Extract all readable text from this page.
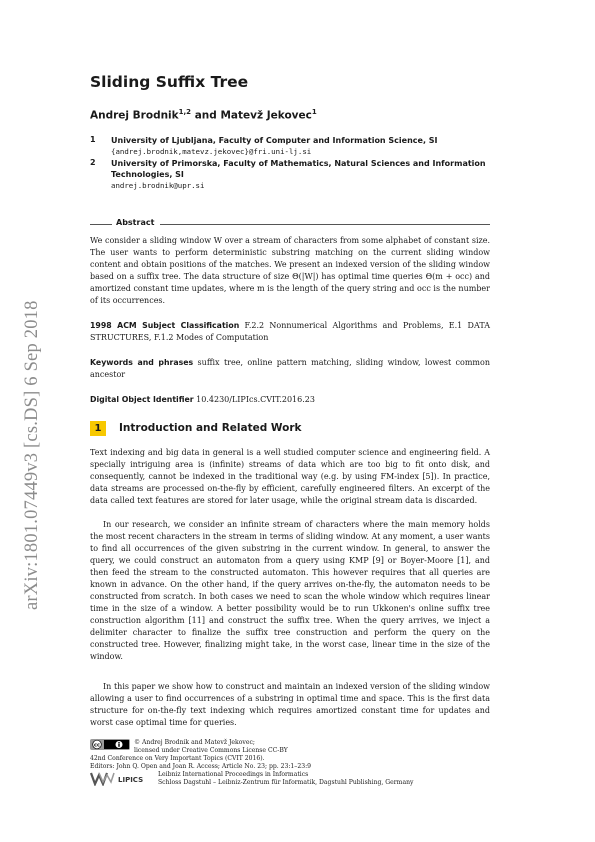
arXiv:1801.07449v3 [cs.DS] 6 Sep 2018
Sliding Suffix Tree
Andrej Brodnik$^{1,2}$ and Matevž Jekovec$^1$
1 University of Ljubljana, Faculty of Computer and Information Science, SI
{andrej.brodnik,matevz.jekovec}@fri.uni-lj.si
2 University of Primorska, Faculty of Mathematics, Natural Sciences and Information Technologies, SI
andrej.brodnik@upr.si
Abstract
We consider a sliding window W over a stream of characters from some alphabet of constant size. The user wants to perform deterministic substring matching on the current sliding window content and obtain positions of the matches. We present an indexed version of the sliding window based on a suffix tree. The data structure of size Θ(|W|) has optimal time queries Θ(m + occ) and amortized constant time updates, where m is the length of the query string and occ is the number of its occurrences.
1998 ACM Subject Classification F.2.2 Nonnumerical Algorithms and Problems, E.1 DATA STRUCTURES, F.1.2 Modes of Computation
Keywords and phrases suffix tree, online pattern matching, sliding window, lowest common ancestor
Digital Object Identifier 10.4230/LIPIcs.CVIT.2016.23
1	Introduction and Related Work
Text indexing and big data in general is a well studied computer science and engineering field. A specially intriguing area is (infinite) streams of data which are too big to fit onto disk, and consequently, cannot be indexed in the traditional way (e.g. by using FM-index [5]). In practice, data streams are processed on-the-fly by efficient, carefully engineered filters. An excerpt of the data called text features are stored for later usage, while the original stream data is discarded.
In our research, we consider an infinite stream of characters where the main memory holds the most recent characters in the stream in terms of sliding window. At any moment, a user wants to find all occurrences of the given substring in the current window. In general, to answer the query, we could construct an automaton from a query using KMP [9] or Boyer-Moore [1], and then feed the stream to the constructed automaton. This however requires that all queries are known in advance. On the other hand, if the query arrives on-the-fly, the automaton needs to be constructed from scratch. In both cases we need to scan the whole window which requires linear time in the size of a window. A better possibility would be to run Ukkonen's online suffix tree construction algorithm [11] and construct the suffix tree. When the query arrives, we inject a delimiter character to finalize the suffix tree construction and perform the query on the constructed tree. However, finalizing might take, in the worst case, linear time in the size of the window.
In this paper we show how to construct and maintain an indexed version of the sliding window allowing a user to find occurrences of a substring in optimal time and space. This is the first data structure for on-the-fly text indexing which requires amortized constant time for updates and worst case optimal time for queries.
cc	© Andrej Brodnik and Matevž Jekovec;
licensed under Creative Commons License CC-BY
42nd Conference on Very Important Topics (CVIT 2016).
Editors: John Q. Open and Joan R. Access; Article No. 23; pp. 23:1–23:9
LIPICS
Leibniz International Proceedings in Informatics
Schloss Dagstuhl – Leibniz-Zentrum für Informatik, Dagstuhl Publishing, Germany
